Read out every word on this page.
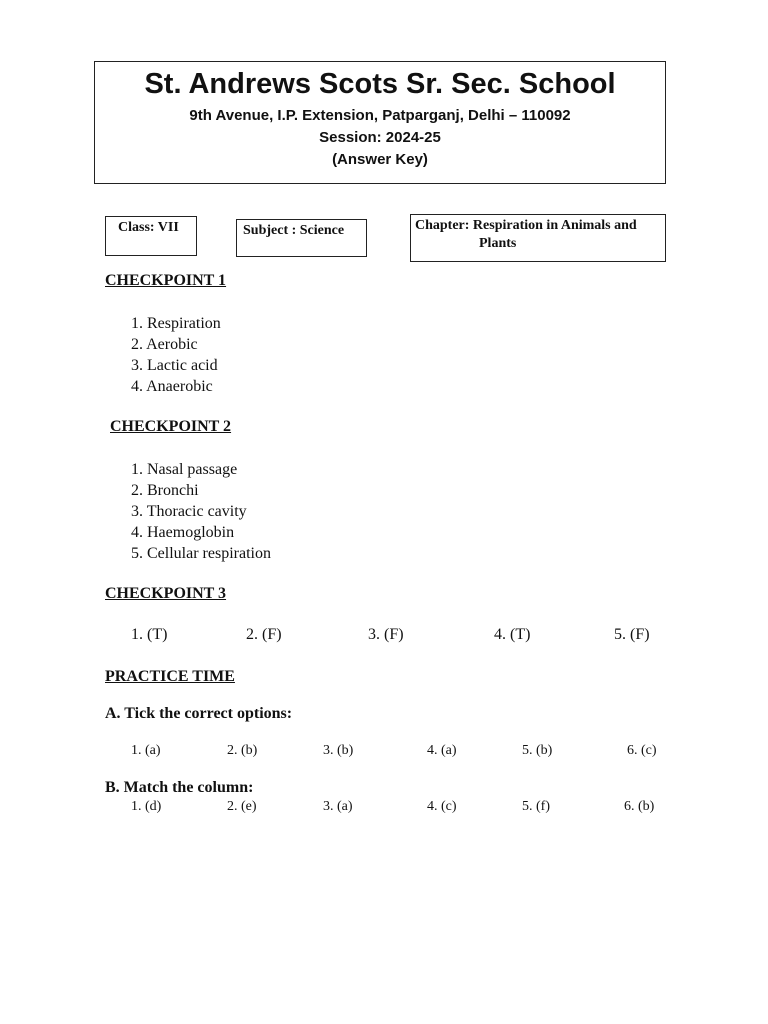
St. Andrews Scots Sr. Sec. School
9th Avenue, I.P. Extension, Patparganj, Delhi – 110092
Session: 2024-25
(Answer Key)
Class: VII	Subject : Science	Chapter: Respiration in Animals and
Plants
CHECKPOINT 1
1. Respiration
2. Aerobic
3. Lactic acid
4. Anaerobic
CHECKPOINT 2
1. Nasal passage
2. Bronchi
3. Thoracic cavity
4. Haemoglobin
5. Cellular respiration
CHECKPOINT 3
1. (T)	2. (F)	3. (F)	4. (T)	5. (F)
PRACTICE TIME
A. Tick the correct options:
1. (a)	2. (b)	3. (b)	4. (a)	5. (b)	6. (c)
B. Match the column:
1. (d)	2. (e)	3. (a)	4. (c)	5. (f)	6. (b)
